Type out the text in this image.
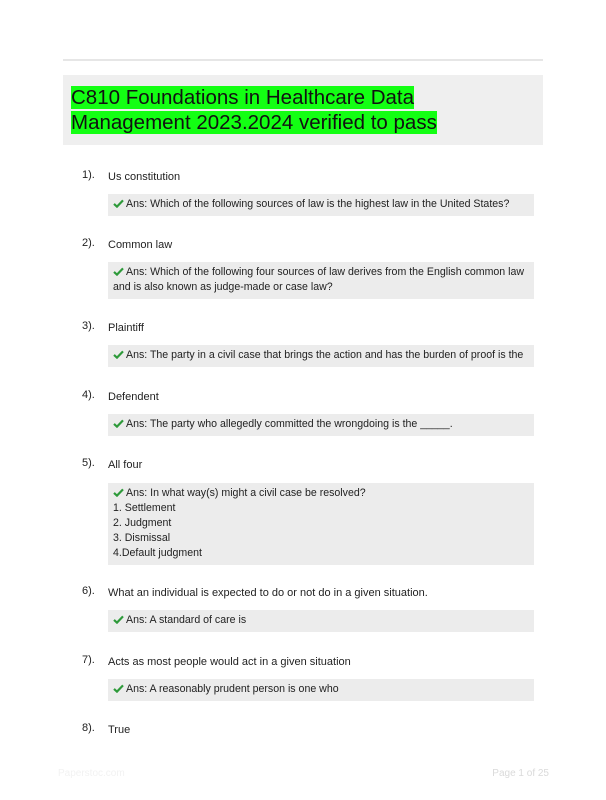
C810 Foundations in Healthcare Data
Management 2023.2024 verified to pass
1). Us constitution
Ans: Which of the following sources of law is the highest law in the United States?
2). Common law
Ans: Which of the following four sources of law derives from the English common law
and is also known as judge-made or case law?
3). Plaintiff
Ans: The party in a civil case that brings the action and has the burden of proof is the
4). Defendent
Ans: The party who allegedly committed the wrongdoing is the _____.
5). All four
Ans: In what way(s) might a civil case be resolved?
1. Settlement
2. Judgment
3. Dismissal
4.Default judgment
6). What an individual is expected to do or not do in a given situation.
Ans: A standard of care is
7). Acts as most people would act in a given situation
Ans: A reasonably prudent person is one who
8). True
Paperstoc.com	Page 1 of 25
